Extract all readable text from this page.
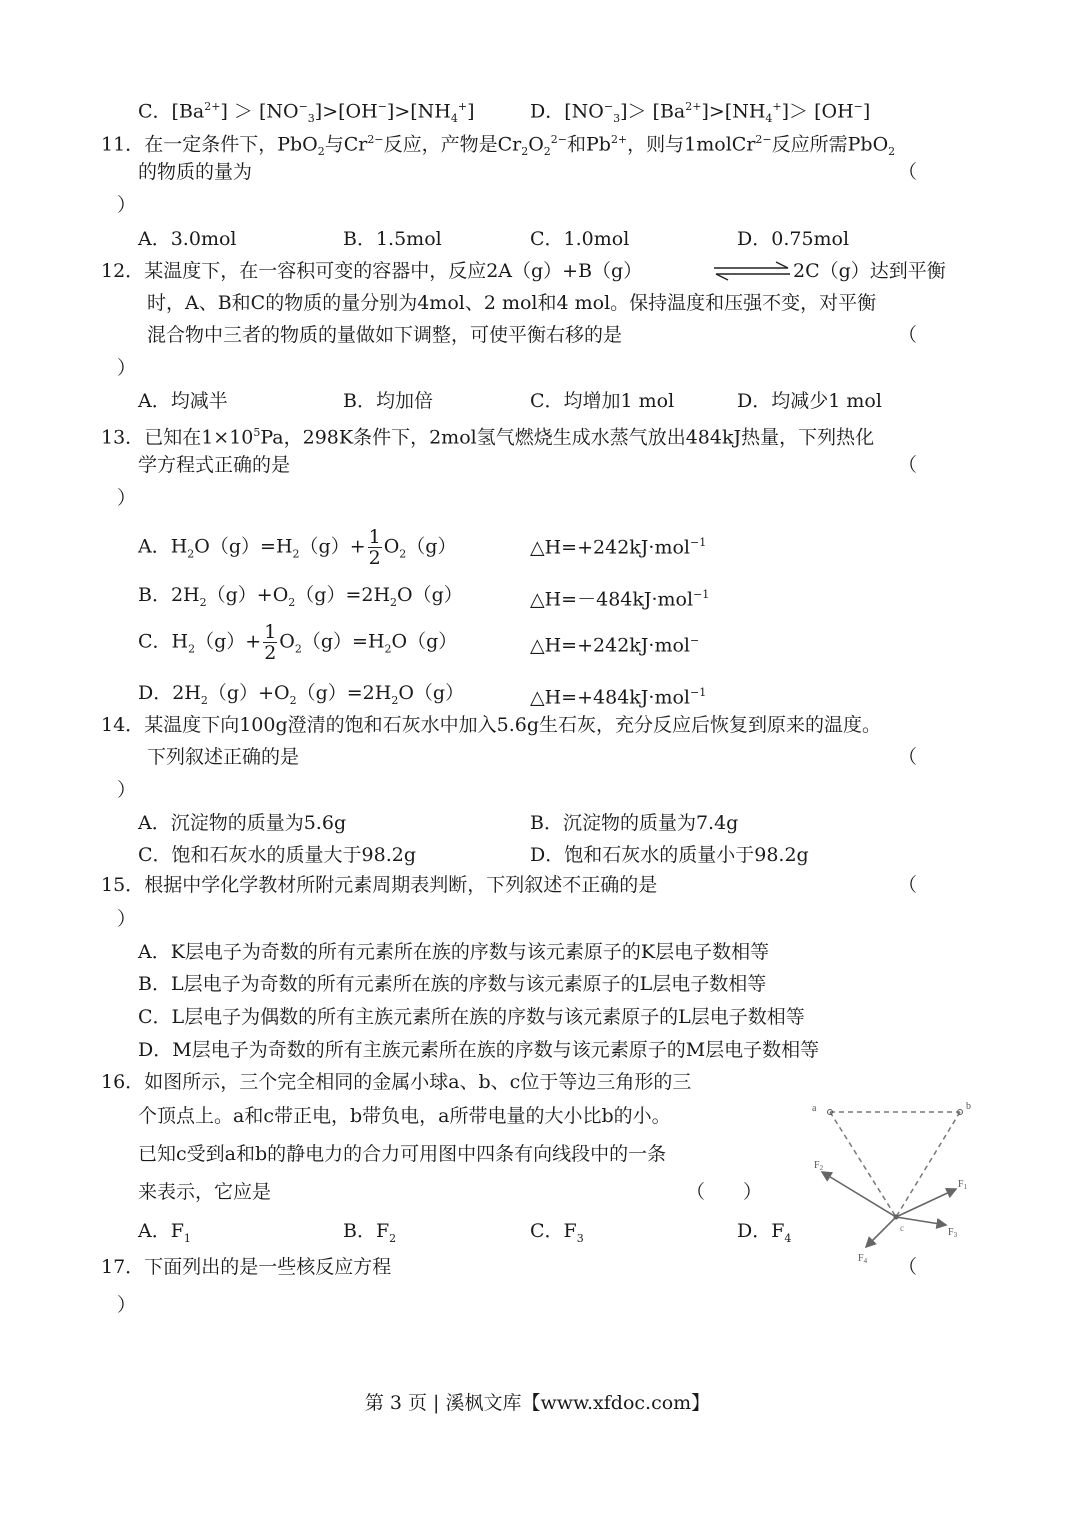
C．$[Ba^{2+}] > [NO^-_3]>[OH^-]>[NH_4^+]$	D．$[NO^-_3]> [Ba^{2+}]>[NH_4^+]> [OH^-]$
11．在一定条件下，PbO$_2$与$Cr^{2-}$反应，产物是$Cr_2O_2^{2-}$和$Pb^{2+}$，则与1molCr$^{2-}$反应所需PbO$_2$
的物质的量为	（
）
A．3.0mol	B．1.5mol	C．1.0mol	D．0.75mol
12．某温度下，在一容积可变的容器中，反应2A（g）+B（g）	2C（g）达到平衡
时，A、B和C的物质的量分别为4mol、2 mol和4 mol。保持温度和压强不变，对平衡
混合物中三者的物质的量做如下调整，可使平衡右移的是	（
）
A．均减半	B．均加倍	C．均增加1 mol	D．均减少1 mol
13．已知在$1\times 10^5Pa$，298K条件下，2mol氢气燃烧生成水蒸气放出484kJ热量，下列热化
学方程式正确的是	（
）
A．$H_2O(g)=H_2(g)+ \frac{1}{2} O_2(g)$	△H=+242kJ·mol$^{-1}$
B．$2H_2(g)+O_2(g)=2H_2O(g)$	△H=－484kJ·mol$^{-1}$
C．$H_2(g)+ \frac{1}{2} O_2(g)=H_2O(g)$	△H=+242kJ·mol−
D．$2H_2(g)+O_2(g)=2H_2O(g)$	△H=+484kJ·mol$^{-1}$
14．某温度下向100g澄清的饱和石灰水中加入5.6g生石灰，充分反应后恢复到原来的温度。
下列叙述正确的是	（
）
A．沉淀物的质量为5.6g	B．沉淀物的质量为7.4g
C．饱和石灰水的质量大于98.2g	D．饱和石灰水的质量小于98.2g
15．根据中学化学教材所附元素周期表判断，下列叙述不正确的是	（
）
A．K层电子为奇数的所有元素所在族的序数与该元素原子的K层电子数相等
B．L层电子为奇数的所有元素所在族的序数与该元素原子的L层电子数相等
C．L层电子为偶数的所有主族元素所在族的序数与该元素原子的L层电子数相等
D．M层电子为奇数的所有主族元素所在族的序数与该元素原子的M层电子数相等
16．如图所示，三个完全相同的金属小球a、b、c位于等边三角形的三
个顶点上。a和c带正电，b带负电，a所带电量的大小比b的小。
已知c受到a和b的静电力的合力可用图中四条有向线段中的一条
来表示，它应是	（　　）
A．$F_1$	B．$F_2$	C．$F_3$	D．$F_4$
a	b
c
$F_2$
$F_1$
$F_3$
$F_4$
17．下面列出的是一些核反应方程	（
）
第 3 页 | 溪枫文库【www.xfdoc.com】
